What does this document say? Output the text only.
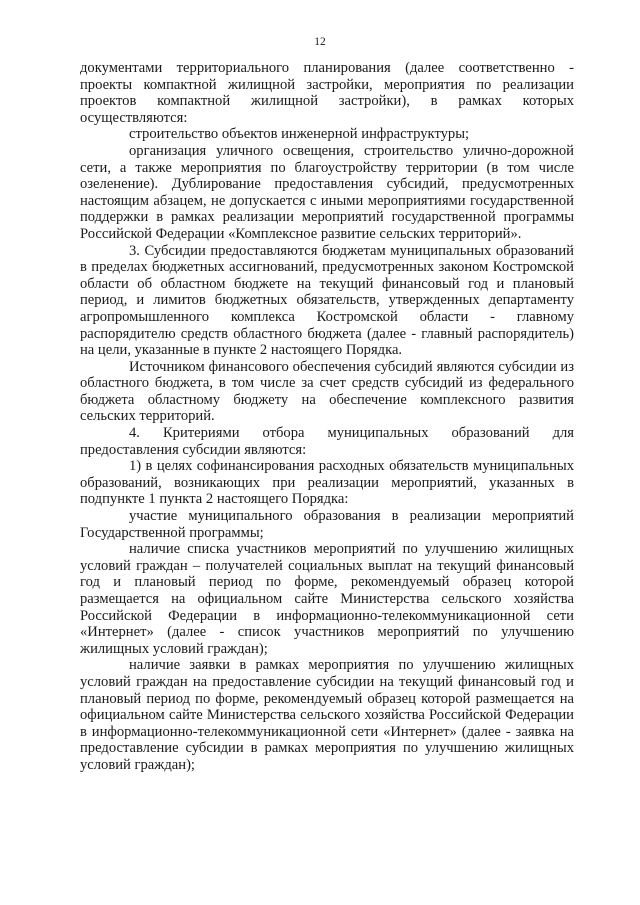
12

документами территориального планирования (далее соответственно - проекты компактной жилищной застройки, мероприятия по реализации проектов компактной жилищной застройки), в рамках которых осуществляются:

строительство объектов инженерной инфраструктуры;

организация уличного освещения, строительство улично-дорожной сети, а также мероприятия по благоустройству территории (в том числе озеленение). Дублирование предоставления субсидий, предусмотренных настоящим абзацем, не допускается с иными мероприятиями государственной поддержки в рамках реализации мероприятий государственной программы Российской Федерации «Комплексное развитие сельских территорий».

3. Субсидии предоставляются бюджетам муниципальных образований в пределах бюджетных ассигнований, предусмотренных законом Костромской области об областном бюджете на текущий финансовый год и плановый период, и лимитов бюджетных обязательств, утвержденных департаменту агропромышленного комплекса Костромской области - главному распорядителю средств областного бюджета (далее - главный распорядитель) на цели, указанные в пункте 2 настоящего Порядка.

Источником финансового обеспечения субсидий являются субсидии из областного бюджета, в том числе за счет средств субсидий из федерального бюджета областному бюджету на обеспечение комплексного развития сельских территорий.

4. Критериями отбора муниципальных образований для предоставления субсидии являются:

1) в целях софинансирования расходных обязательств муниципальных образований, возникающих при реализации мероприятий, указанных в подпункте 1 пункта 2 настоящего Порядка:

участие муниципального образования в реализации мероприятий Государственной программы;

наличие списка участников мероприятий по улучшению жилищных условий граждан – получателей социальных выплат на текущий финансовый год и плановый период по форме, рекомендуемый образец которой размещается на официальном сайте Министерства сельского хозяйства Российской Федерации в информационно-телекоммуникационной сети «Интернет» (далее - список участников мероприятий по улучшению жилищных условий граждан);

наличие заявки в рамках мероприятия по улучшению жилищных условий граждан на предоставление субсидии на текущий финансовый год и плановый период по форме, рекомендуемый образец которой размещается на официальном сайте Министерства сельского хозяйства Российской Федерации в информационно-телекоммуникационной сети «Интернет» (далее - заявка на предоставление субсидии в рамках мероприятия по улучшению жилищных условий граждан);
